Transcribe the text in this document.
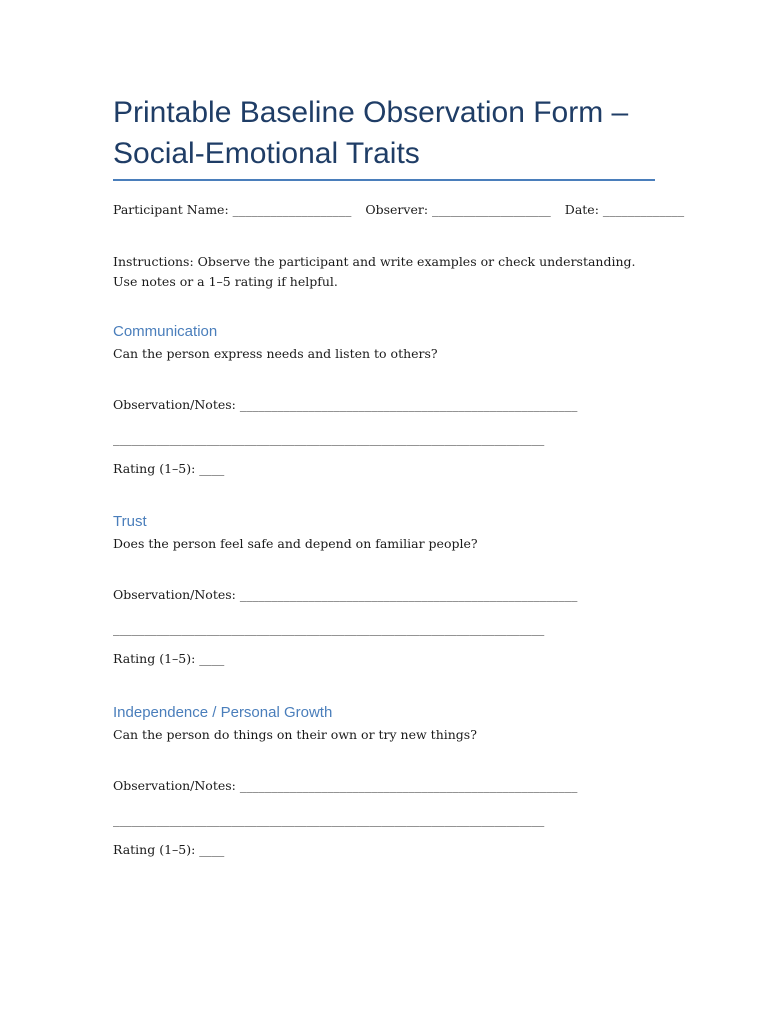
Printable Baseline Observation Form – Social-Emotional Traits
Participant Name: ___________________ Observer: ___________________ Date: _____________

Instructions: Observe the participant and write examples or check understanding. Use notes or a 1–5 rating if helpful.

Communication

Can the person express needs and listen to others?

Observation/Notes: ______________________________________________________

_____________________________________________________________________

Rating (1–5): ____

Trust

Does the person feel safe and depend on familiar people?

Observation/Notes: ______________________________________________________

_____________________________________________________________________

Rating (1–5): ____

Independence / Personal Growth

Can the person do things on their own or try new things?

Observation/Notes: ______________________________________________________

_____________________________________________________________________

Rating (1–5): ____
